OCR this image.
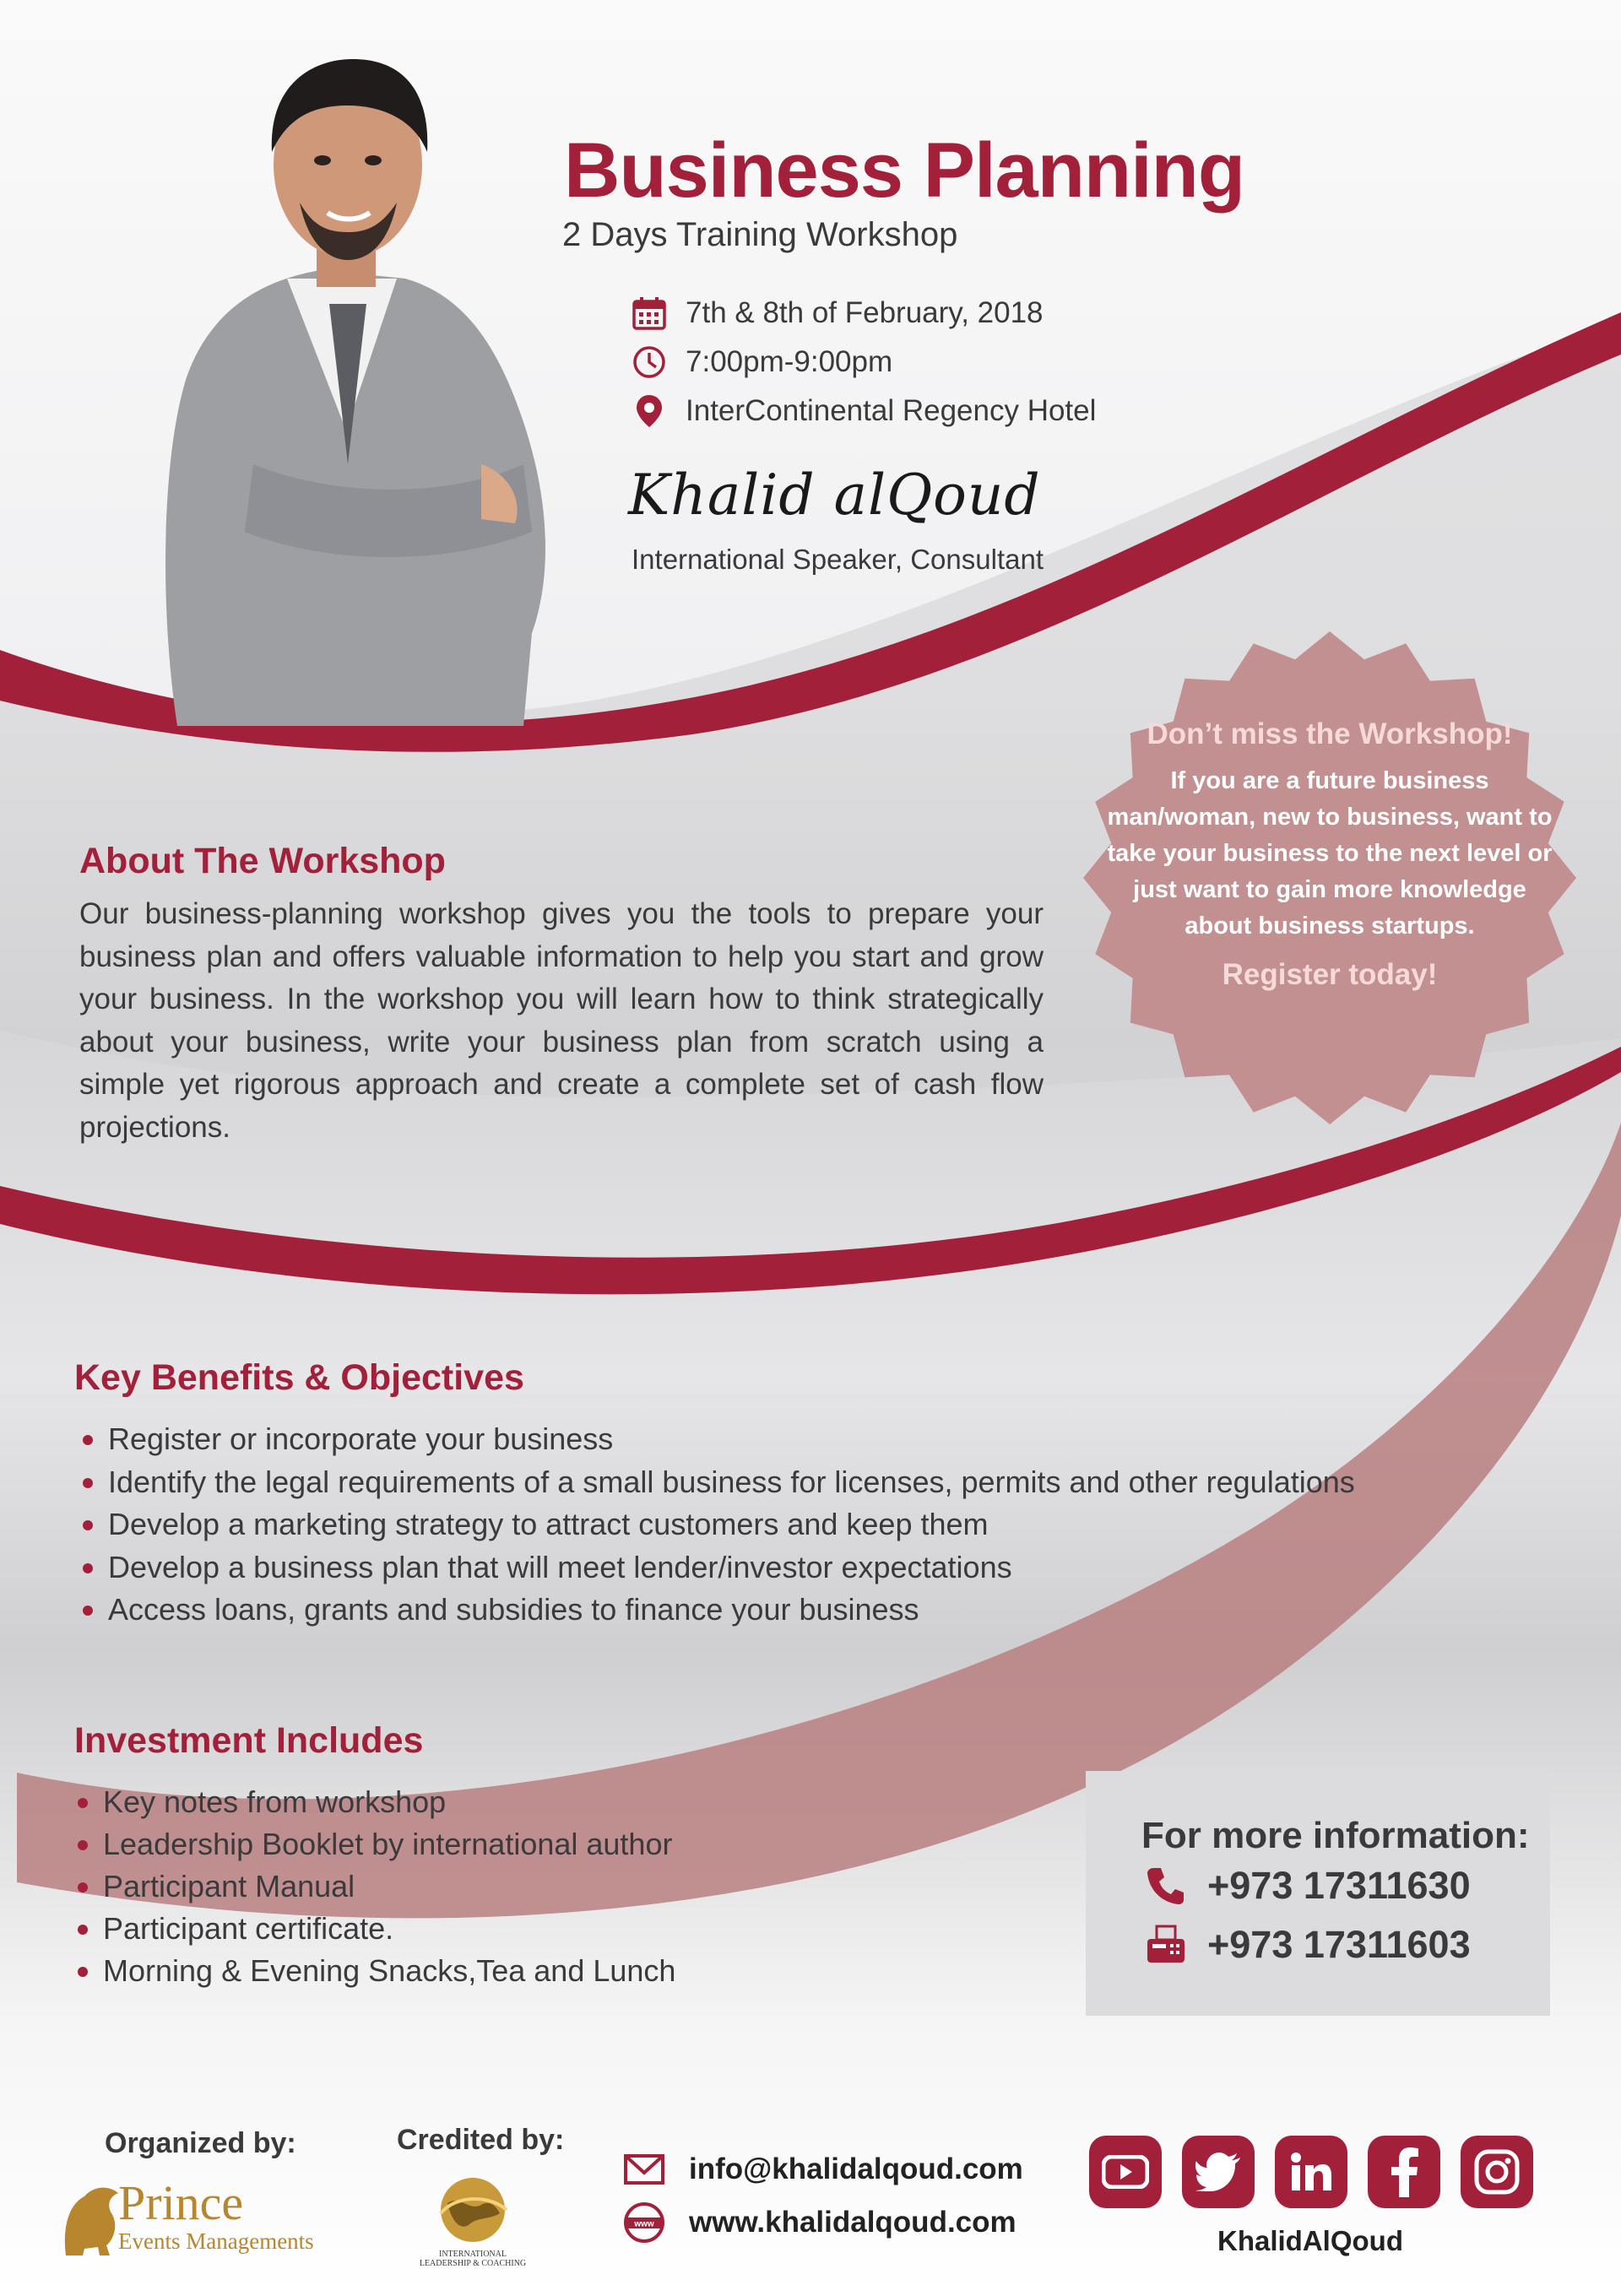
Business Planning
2 Days Training Workshop
7th & 8th of February, 2018
7:00pm-9:00pm
InterContinental Regency Hotel
Khalid alQoud
International Speaker, Consultant
Don’t miss the Workshop!
If you are a future business man/woman, new to business, want to take your business to the next level or just want to gain more knowledge about business startups.
Register today!
About The Workshop
Our business-planning workshop gives you the tools to prepare your business plan and offers valuable information to help you start and grow your business. In the workshop you will learn how to think strategically about your business, write your business plan from scratch using a simple yet rigorous approach and create a complete set of cash flow projections.
Key Benefits & Objectives
Register or incorporate your business
Identify the legal requirements of a small business for licenses, permits and other regulations
Develop a marketing strategy to attract customers and keep them
Develop a business plan that will meet lender/investor expectations
Access loans, grants and subsidies to finance your business
Investment Includes
Key notes from workshop
Leadership Booklet by international author
Participant Manual
Participant certificate.
Morning & Evening Snacks,Tea and Lunch
For more information:
+973 17311630
+973 17311603
Organized by:
Prince
Events Managements
Credited by:
INTERNATIONAL LEADERSHIP & COACHING
info@khalidalqoud.com
www www.khalidalqoud.com
KhalidAlQoud
